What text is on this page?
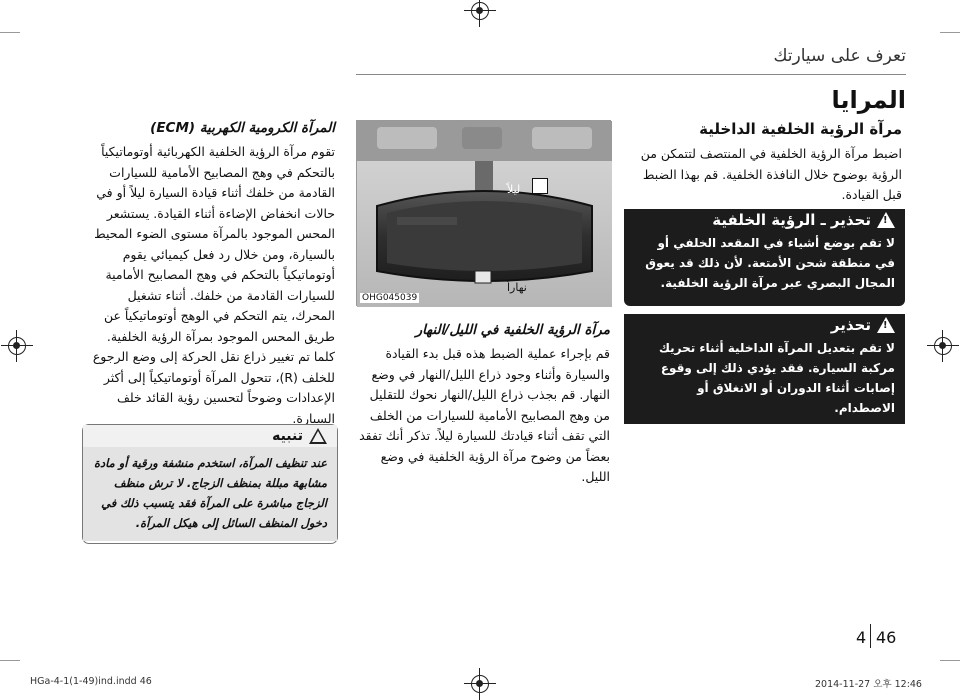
تعرف على سيارتك
المرايا
مرآة الرؤية الخلفية الداخلية
اضبط مرآة الرؤية الخلفية في المنتصف لتتمكن من الرؤية بوضوح خلال النافذة الخلفية. قم بهذا الضبط قبل القيادة.
!
تحذير ـ الرؤية الخلفية
لا تقم بوضع أشياء في المقعد الخلفي أو في منطقة شحن الأمتعة. لأن ذلك قد يعوق المجال البصري عبر مرآة الرؤية الخلفية.
!
تحذير
لا تقم بتعديل المرآة الداخلية أثناء تحريك مركبة السيارة. فقد يؤدي ذلك إلى وقوع إصابات أثناء الدوران أو الانغلاق أو الاصطدام.
ليلاً
نهاراً
OHG045039
مرآة الرؤية الخلفية في الليل/النهار
قم بإجراء عملية الضبط هذه قبل بدء القيادة والسيارة وأثناء وجود ذراع الليل/النهار في وضع النهار. قم بجذب ذراع الليل/النهار نحوك للتقليل من وهج المصابيح الأمامية للسيارات من الخلف التي تقف أثناء قيادتك للسيارة ليلاً. تذكر أنك تفقد بعضاً من وضوح مرآة الرؤية الخلفية في وضع الليل.
المرآة الكرومية الكهربية (ECM)
تقوم مرآة الرؤية الخلفية الكهربائية أوتوماتيكياً بالتحكم في وهج المصابيح الأمامية للسيارات القادمة من خلفك أثناء قيادة السيارة ليلاً أو في حالات انخفاض الإضاءة أثناء القيادة. يستشعر المحس الموجود بالمرآة مستوى الضوء المحيط بالسيارة، ومن خلال رد فعل كيميائي يقوم أوتوماتيكياً بالتحكم في وهج المصابيح الأمامية للسيارات القادمة من خلفك. أثناء تشغيل المحرك، يتم التحكم في الوهج أوتوماتيكياً عن طريق المحس الموجود بمرآة الرؤية الخلفية. كلما تم تغيير ذراع نقل الحركة إلى وضع الرجوع للخلف (R)، تتحول المرآة أوتوماتيكياً إلى أكثر الإعدادات وضوحاً لتحسين رؤية القائد خلف السيارة.
تنبيه
عند تنظيف المرآة، استخدم منشفة ورقية أو مادة مشابهة مبللة بمنظف الزجاج. لا ترش منظف الزجاج مباشرة على المرآة فقد يتسبب ذلك في دخول المنظف السائل إلى هيكل المرآة.
4 46
HGa-4-1(1-49)ind.indd 46	2014-11-27 오후 12:46
